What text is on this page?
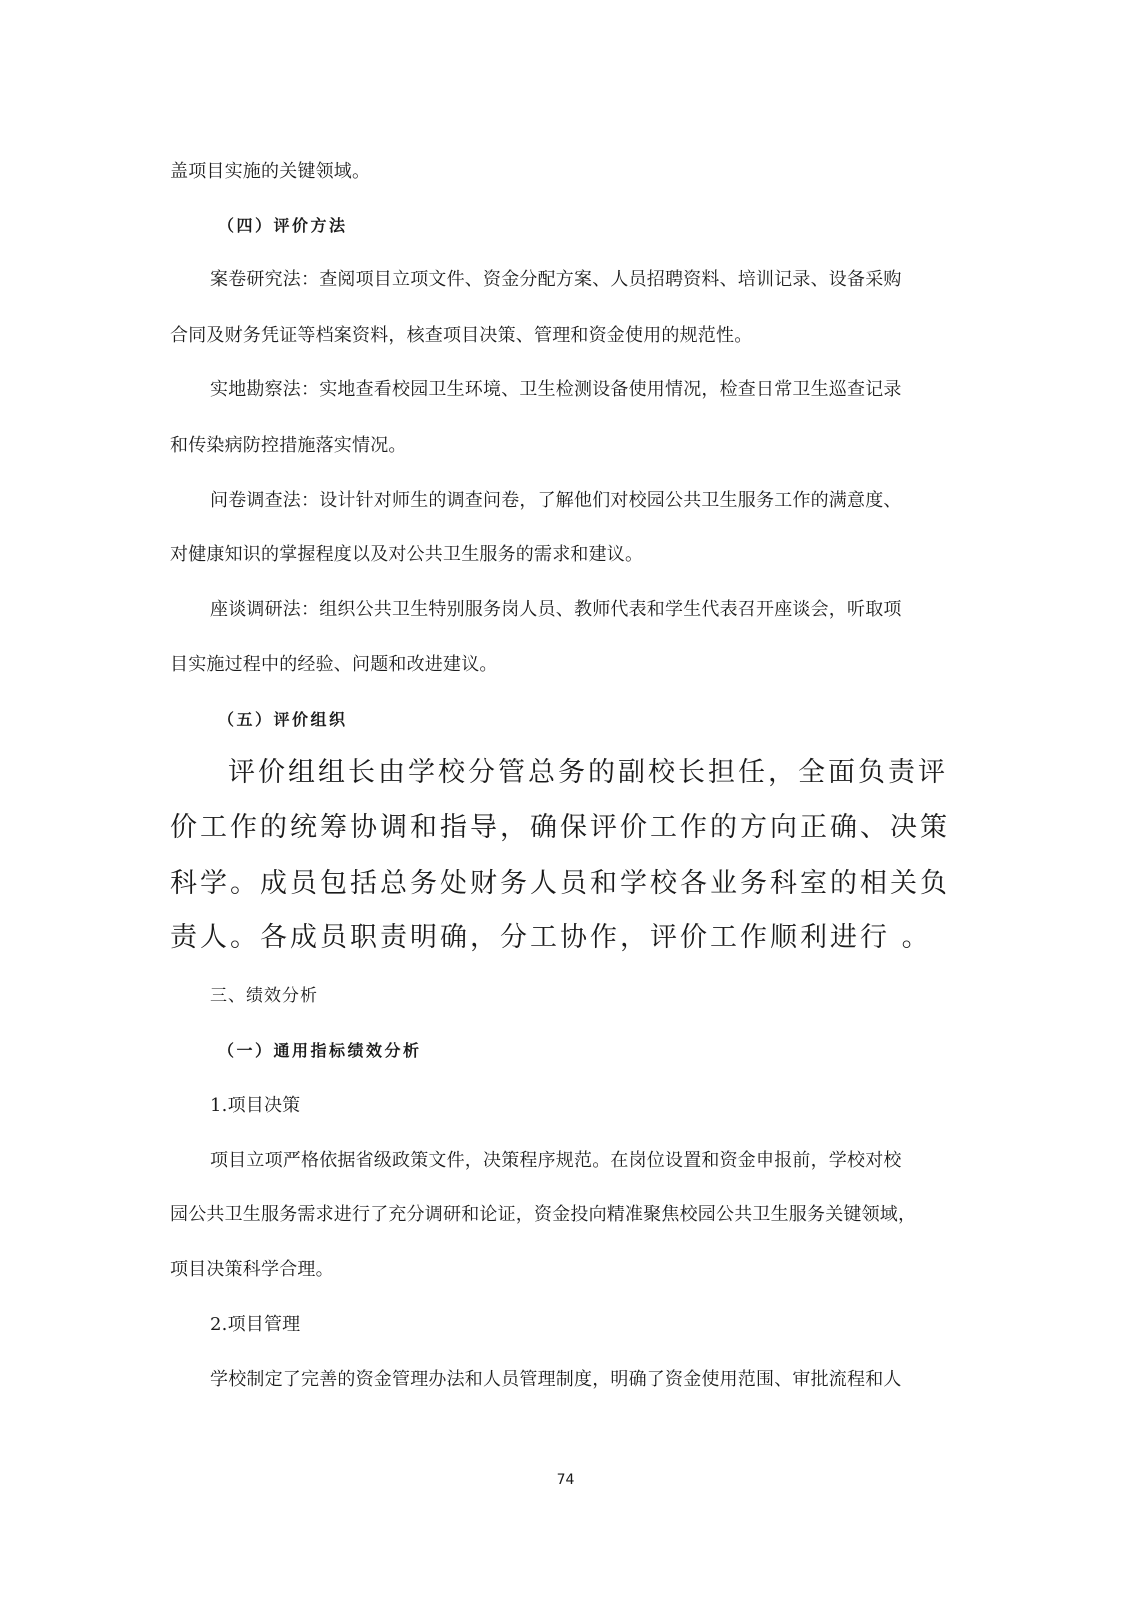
盖项目实施的关键领域。
（四）评价方法
案卷研究法：查阅项目立项文件、资金分配方案、人员招聘资料、培训记录、设备采购
合同及财务凭证等档案资料，核查项目决策、管理和资金使用的规范性。
实地勘察法：实地查看校园卫生环境、卫生检测设备使用情况，检查日常卫生巡查记录
和传染病防控措施落实情况。
问卷调查法：设计针对师生的调查问卷，了解他们对校园公共卫生服务工作的满意度、
对健康知识的掌握程度以及对公共卫生服务的需求和建议。
座谈调研法：组织公共卫生特别服务岗人员、教师代表和学生代表召开座谈会，听取项
目实施过程中的经验、问题和改进建议。
（五）评价组织
评价组组长由学校分管总务的副校长担任，全面负责评
价工作的统筹协调和指导，确保评价工作的方向正确、决策
科学。成员包括总务处财务人员和学校各业务科室的相关负
责人。各成员职责明确，分工协作，评价工作顺利进行 。
三、绩效分析
（一）通用指标绩效分析
1.项目决策
项目立项严格依据省级政策文件，决策程序规范。在岗位设置和资金申报前，学校对校
园公共卫生服务需求进行了充分调研和论证，资金投向精准聚焦校园公共卫生服务关键领域，
项目决策科学合理。
2.项目管理
学校制定了完善的资金管理办法和人员管理制度，明确了资金使用范围、审批流程和人
74
